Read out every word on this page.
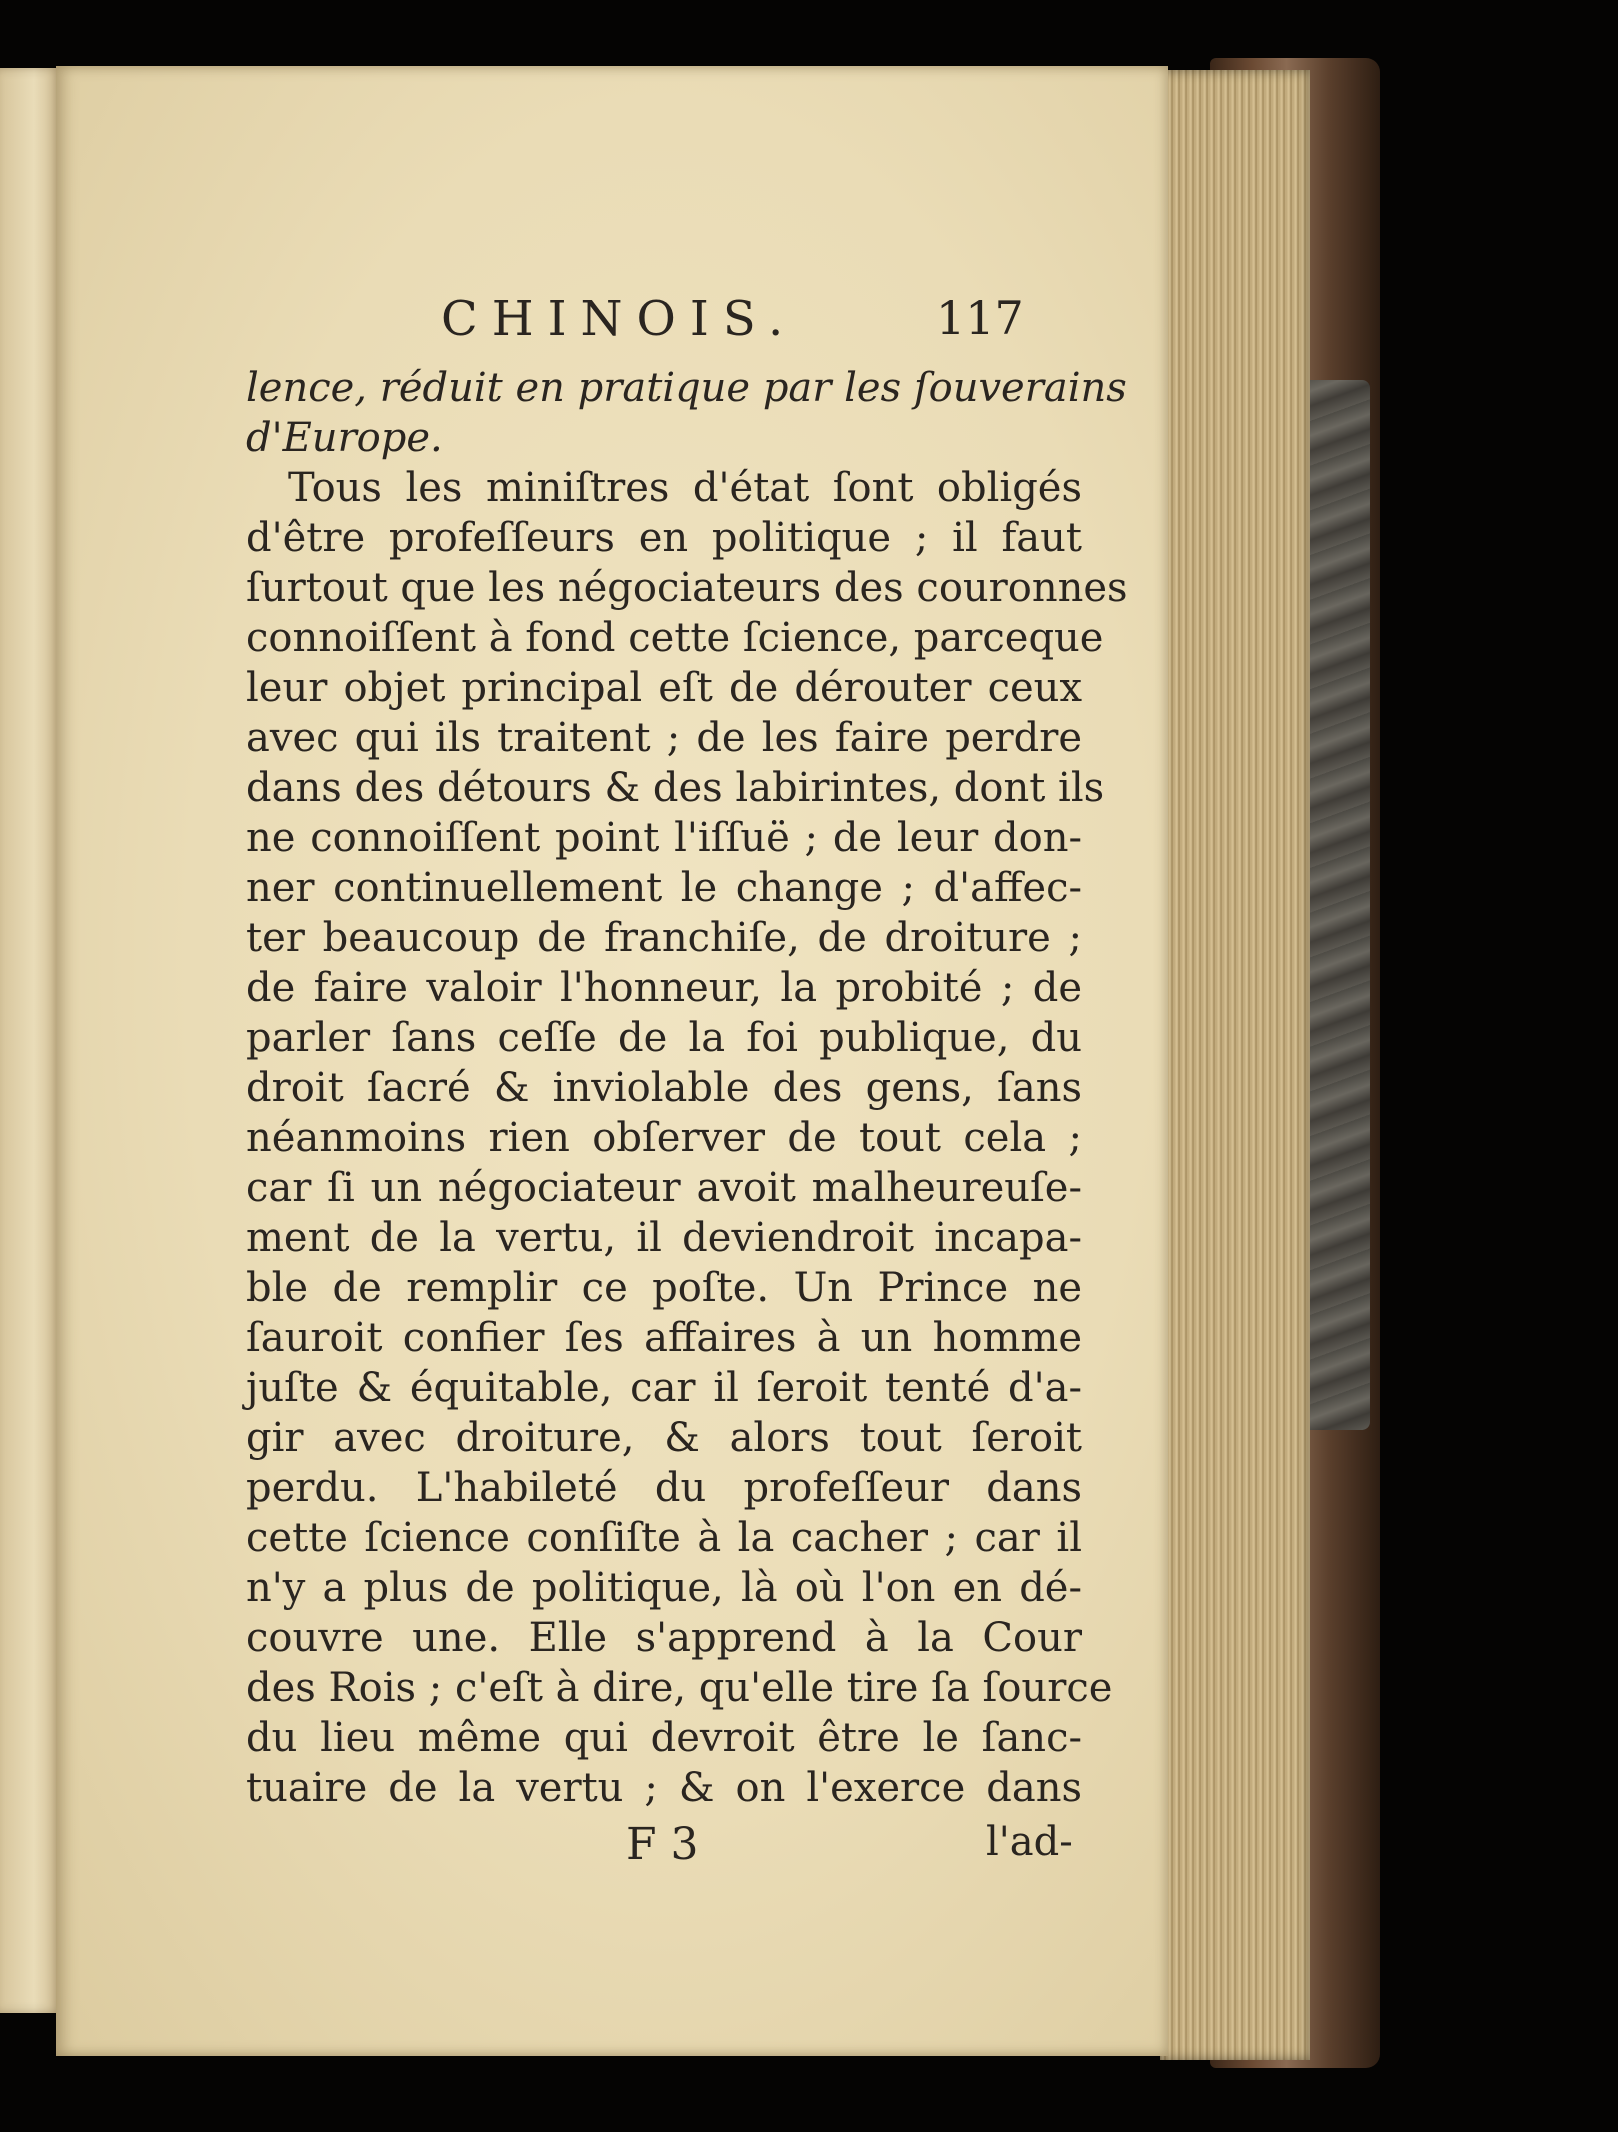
CHINOIS.	117
lence, réduit en pratique par les ſouverains
d'Europe.
Tous les miniſtres d'état ſont obligés
d'être profeſſeurs en politique ; il faut
ſurtout que les négociateurs des couronnes
connoiſſent à fond cette ſcience, parceque
leur objet principal eſt de dérouter ceux
avec qui ils traitent ; de les faire perdre
dans des détours & des labirintes, dont ils
ne connoiſſent point l'iſſuë ; de leur don-
ner continuellement le change ; d'affec-
ter beaucoup de franchiſe, de droiture ;
de faire valoir l'honneur, la probité ; de
parler ſans ceſſe de la foi publique, du
droit ſacré & inviolable des gens, ſans
néanmoins rien obſerver de tout cela ;
car ſi un négociateur avoit malheureuſe-
ment de la vertu, il deviendroit incapa-
ble de remplir ce poſte. Un Prince ne
ſauroit confier ſes affaires à un homme
juſte & équitable, car il ſeroit tenté d'a-
gir avec droiture, & alors tout ſeroit
perdu. L'habileté du profeſſeur dans
cette ſcience conſiſte à la cacher ; car il
n'y a plus de politique, là où l'on en dé-
couvre une. Elle s'apprend à la Cour
des Rois ; c'eſt à dire, qu'elle tire ſa ſource
du lieu même qui devroit être le ſanc-
tuaire de la vertu ; & on l'exerce dans
F 3	l'ad-
